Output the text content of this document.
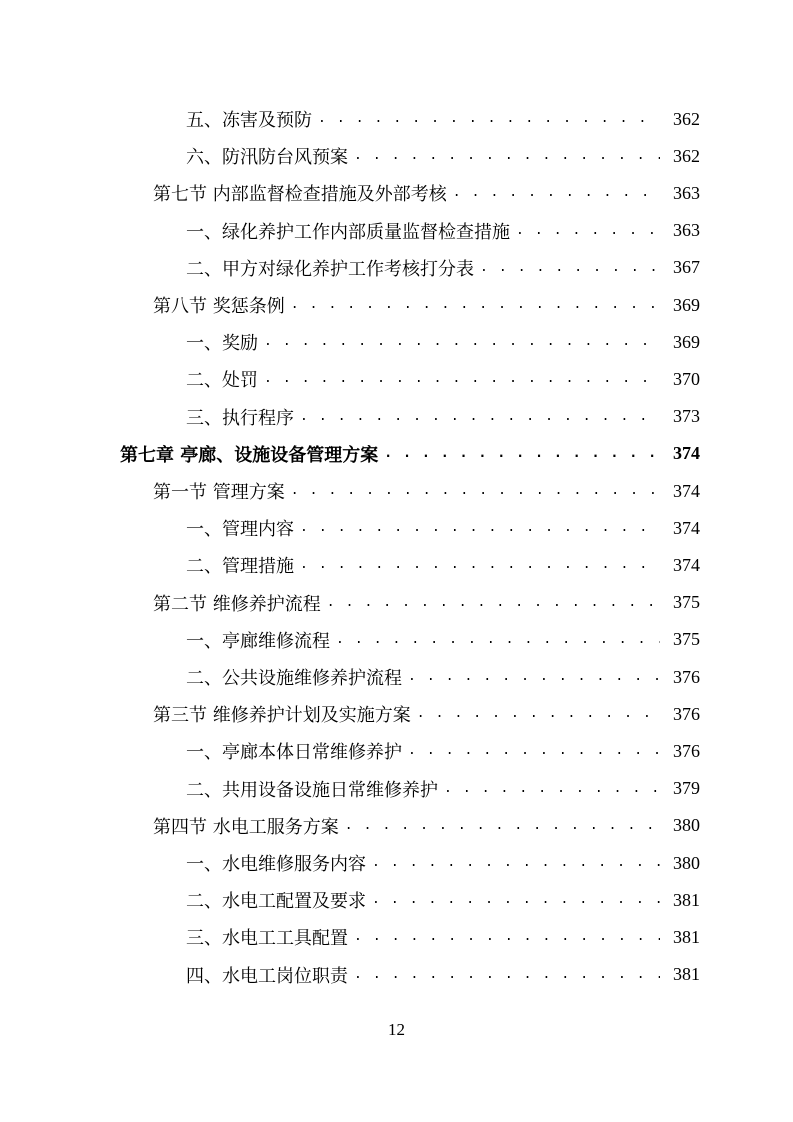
五、冻害及预防 . . .	362
六、防汛防台风预案 . . .	362
第七节 内部监督检查措施及外部考核 . . .	363
一、绿化养护工作内部质量监督检查措施 . . .	363
二、甲方对绿化养护工作考核打分表 . . .	367
第八节 奖惩条例 . . .	369
一、奖励 . . .	369
二、处罚 . . .	370
三、执行程序 . . .	373
第七章 亭廊、设施设备管理方案 . . .	374
第一节 管理方案 . . .	374
一、管理内容 . . .	374
二、管理措施 . . .	374
第二节 维修养护流程 . . .	375
一、亭廊维修流程 . . .	375
二、公共设施维修养护流程 . . .	376
第三节 维修养护计划及实施方案 . . .	376
一、亭廊本体日常维修养护 . . .	376
二、共用设备设施日常维修养护 . . .	379
第四节 水电工服务方案 . . .	380
一、水电维修服务内容 . . .	380
二、水电工配置及要求 . . .	381
三、水电工工具配置 . . .	381
四、水电工岗位职责 . . .	381
12
